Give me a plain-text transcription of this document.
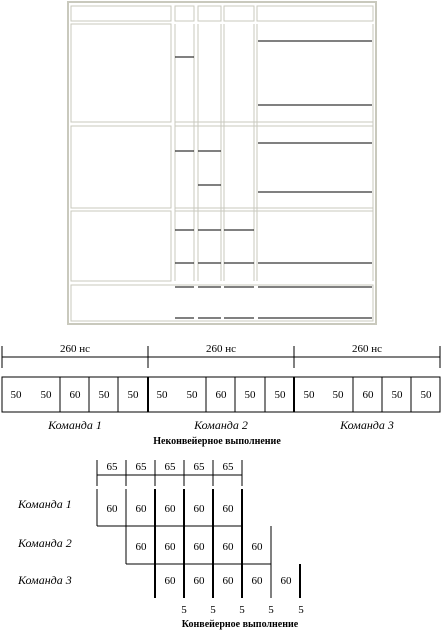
260 нс	260 нс	260 нс
50 50 60 50 50 50 50 60 50 50 50 50 60 50 50
Команда 1	Команда 2	Команда 3
Неконвейерное выполнение
65 65 65 65 65
Команда 1	60 60 60 60 60
Команда 2	60 60 60 60 60
Команда 3	60 60 60 60 60
5 5 5 5 5
Конвейерное выполнение
